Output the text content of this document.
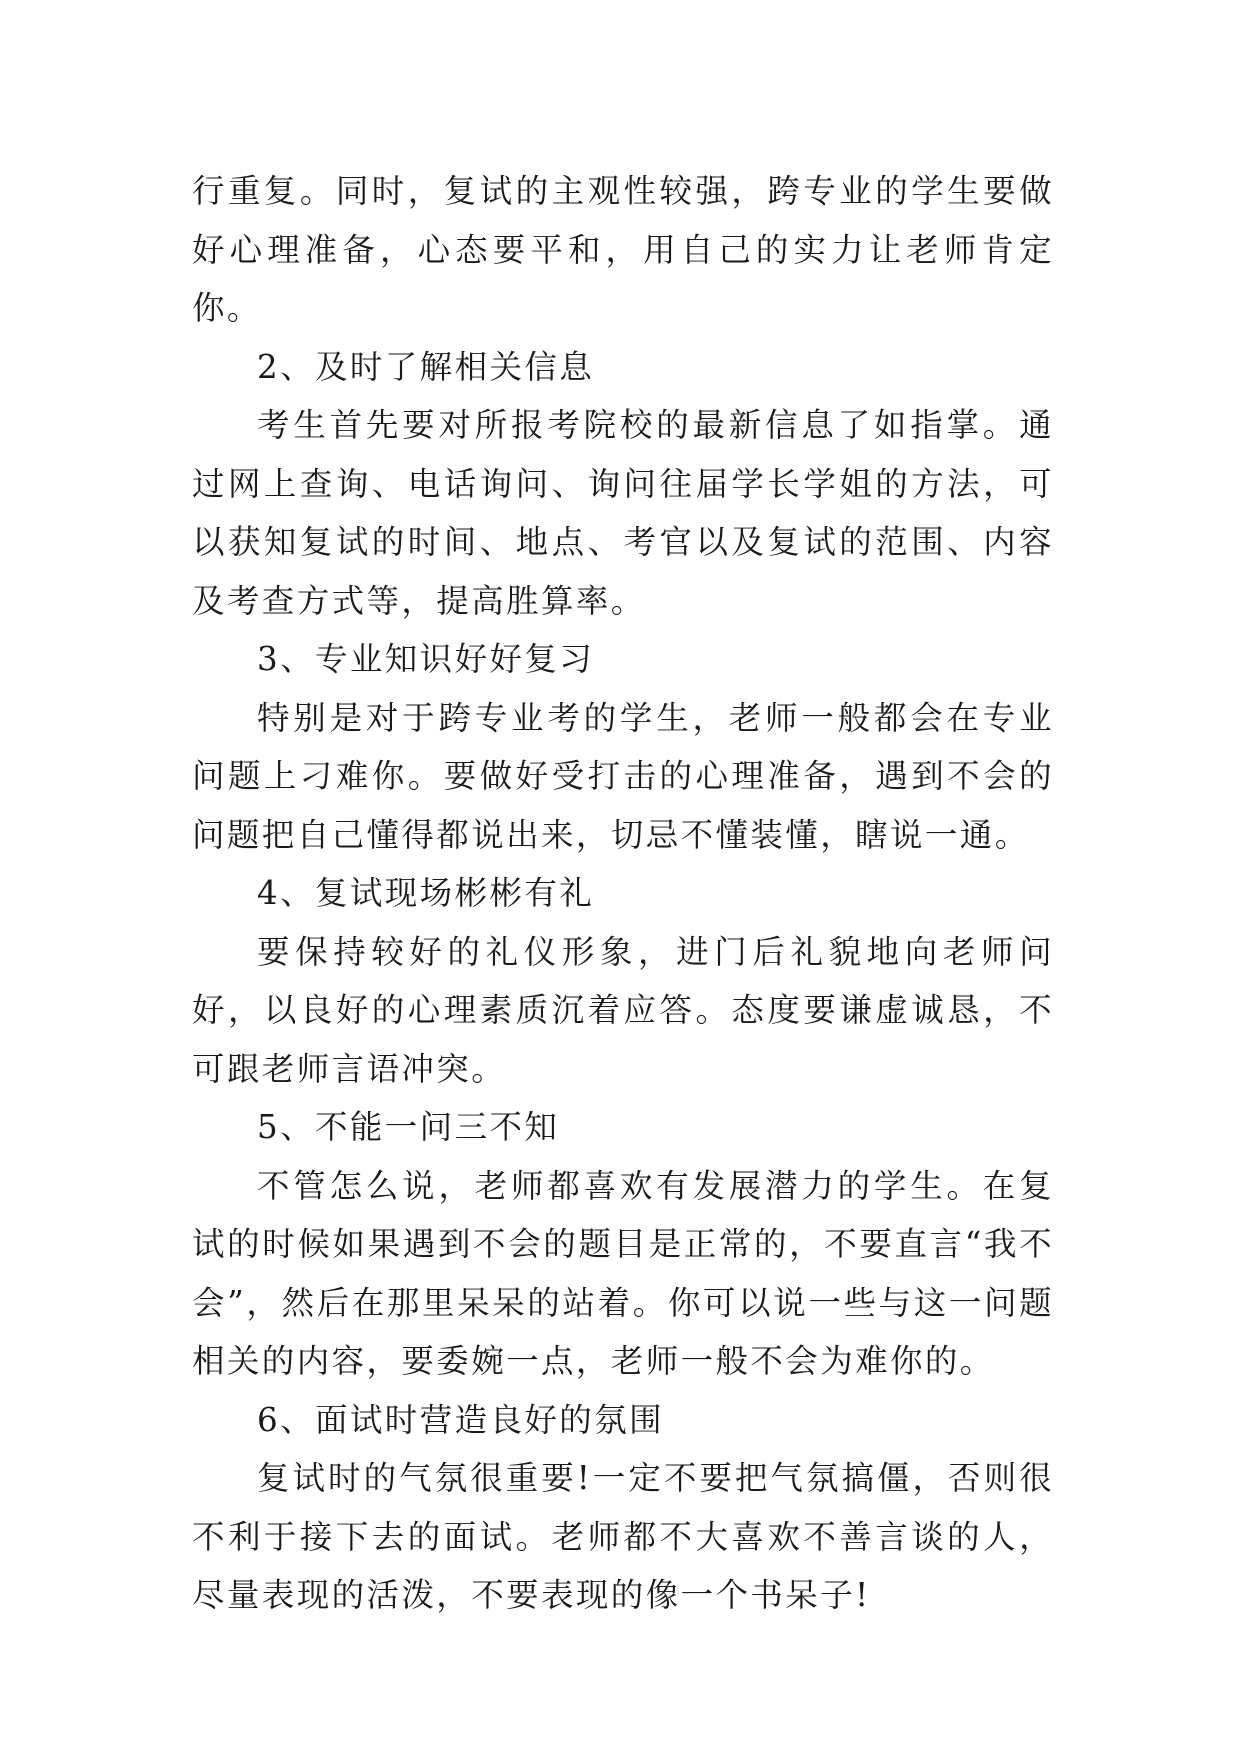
行重复。同时，复试的主观性较强，跨专业的学生要做好心理准备，心态要平和，用自己的实力让老师肯定你。

2、及时了解相关信息

考生首先要对所报考院校的最新信息了如指掌。通过网上查询、电话询问、询问往届学长学姐的方法，可以获知复试的时间、地点、考官以及复试的范围、内容及考查方式等，提高胜算率。

3、专业知识好好复习

特别是对于跨专业考的学生，老师一般都会在专业问题上刁难你。要做好受打击的心理准备，遇到不会的问题把自己懂得都说出来，切忌不懂装懂，瞎说一通。

4、复试现场彬彬有礼

要保持较好的礼仪形象，进门后礼貌地向老师问好，以良好的心理素质沉着应答。态度要谦虚诚恳，不可跟老师言语冲突。

5、不能一问三不知

不管怎么说，老师都喜欢有发展潜力的学生。在复试的时候如果遇到不会的题目是正常的，不要直言“我不会”，然后在那里呆呆的站着。你可以说一些与这一问题相关的内容，要委婉一点，老师一般不会为难你的。

6、面试时营造良好的氛围

复试时的气氛很重要!一定不要把气氛搞僵，否则很不利于接下去的面试。老师都不大喜欢不善言谈的人，尽量表现的活泼，不要表现的像一个书呆子!
